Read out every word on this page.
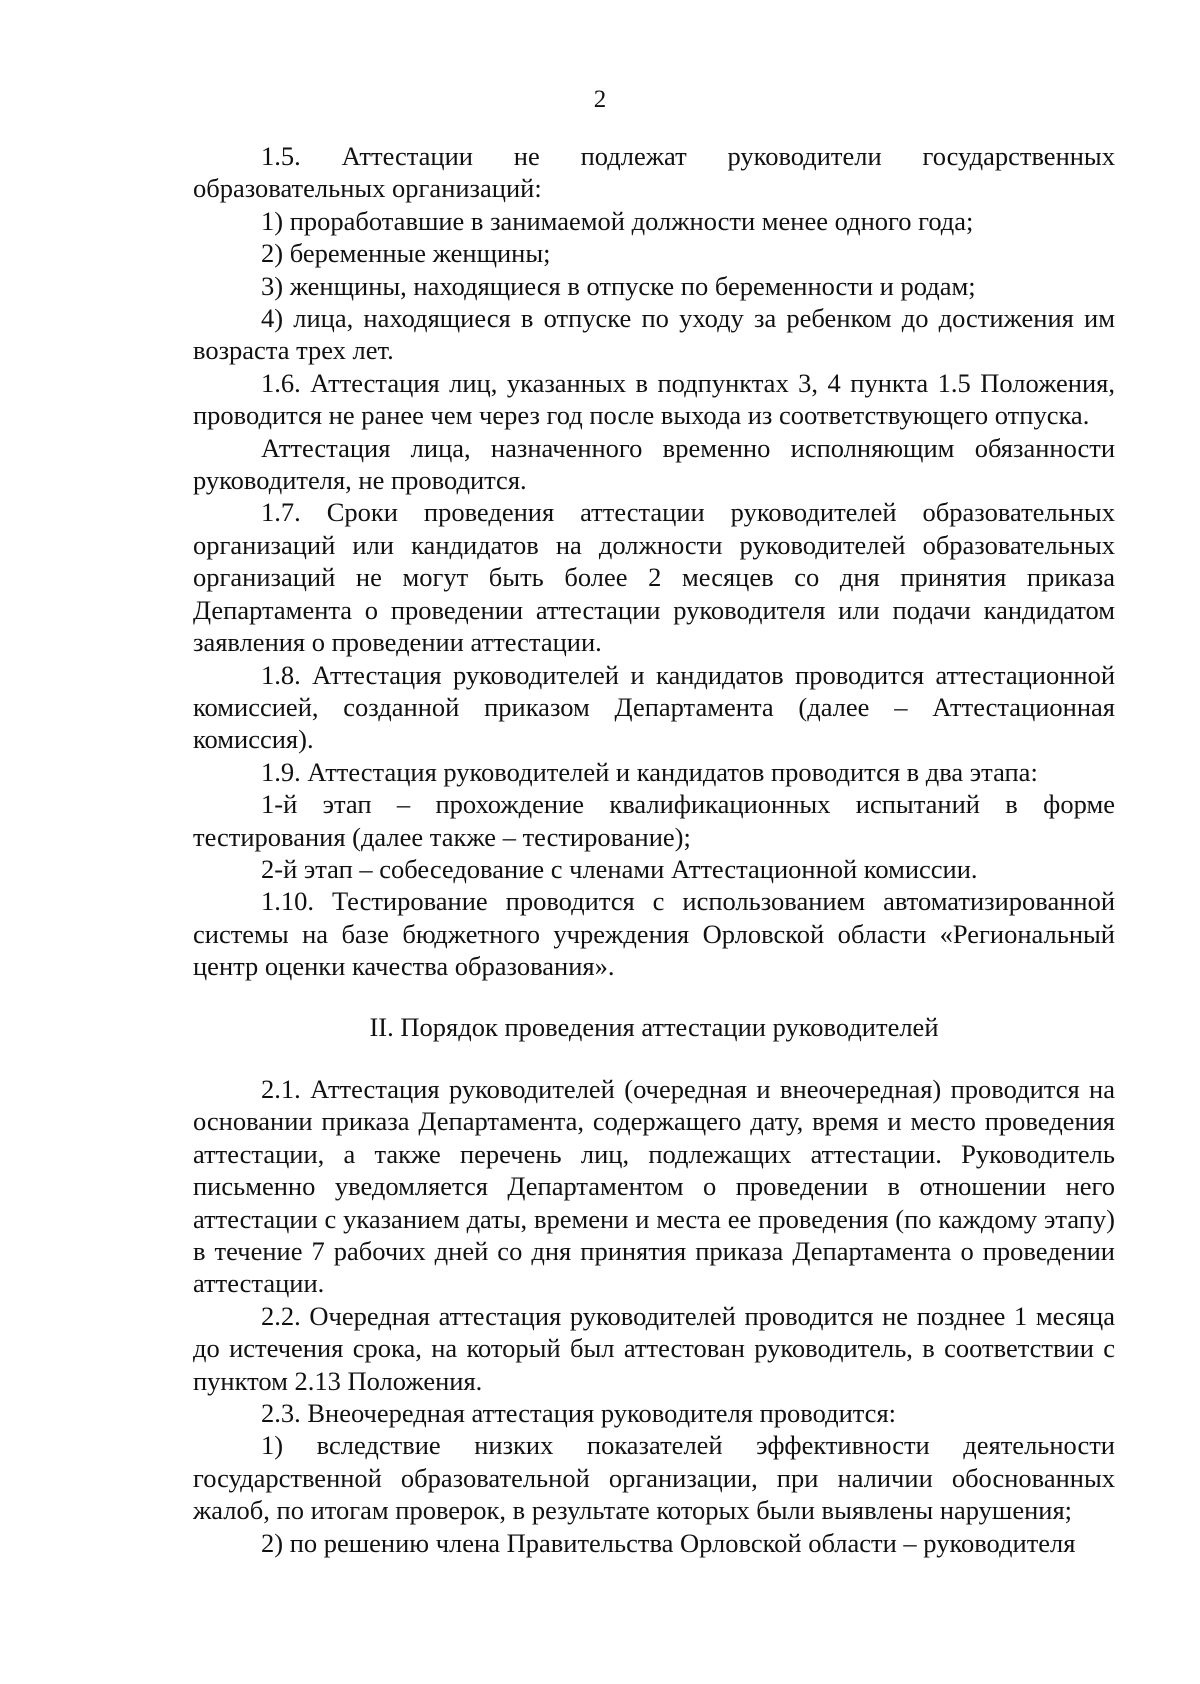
2

1.5. Аттестации не подлежат руководители государственных образовательных организаций:

1) проработавшие в занимаемой должности менее одного года;

2) беременные женщины;

3) женщины, находящиеся в отпуске по беременности и родам;

4) лица, находящиеся в отпуске по уходу за ребенком до достижения им возраста трех лет.

1.6. Аттестация лиц, указанных в подпунктах 3, 4 пункта 1.5 Положения, проводится не ранее чем через год после выхода из соответствующего отпуска.

Аттестация лица, назначенного временно исполняющим обязанности руководителя, не проводится.

1.7. Сроки проведения аттестации руководителей образовательных организаций или кандидатов на должности руководителей образовательных организаций не могут быть более 2 месяцев со дня принятия приказа Департамента о проведении аттестации руководителя или подачи кандидатом заявления о проведении аттестации.

1.8. Аттестация руководителей и кандидатов проводится аттестационной комиссией, созданной приказом Департамента (далее – Аттестационная комиссия).

1.9. Аттестация руководителей и кандидатов проводится в два этапа:

1-й этап – прохождение квалификационных испытаний в форме тестирования (далее также – тестирование);

2-й этап – собеседование с членами Аттестационной комиссии.

1.10. Тестирование проводится с использованием автоматизированной системы на базе бюджетного учреждения Орловской области «Региональный центр оценки качества образования».

II. Порядок проведения аттестации руководителей

2.1. Аттестация руководителей (очередная и внеочередная) проводится на основании приказа Департамента, содержащего дату, время и место проведения аттестации, а также перечень лиц, подлежащих аттестации. Руководитель письменно уведомляется Департаментом о проведении в отношении него аттестации с указанием даты, времени и места ее проведения (по каждому этапу) в течение 7 рабочих дней со дня принятия приказа Департамента о проведении аттестации.

2.2. Очередная аттестация руководителей проводится не позднее 1 месяца до истечения срока, на который был аттестован руководитель, в соответствии с пунктом 2.13 Положения.

2.3. Внеочередная аттестация руководителя проводится:

1) вследствие низких показателей эффективности деятельности государственной образовательной организации, при наличии обоснованных жалоб, по итогам проверок, в результате которых были выявлены нарушения;

2) по решению члена Правительства Орловской области – руководителя
